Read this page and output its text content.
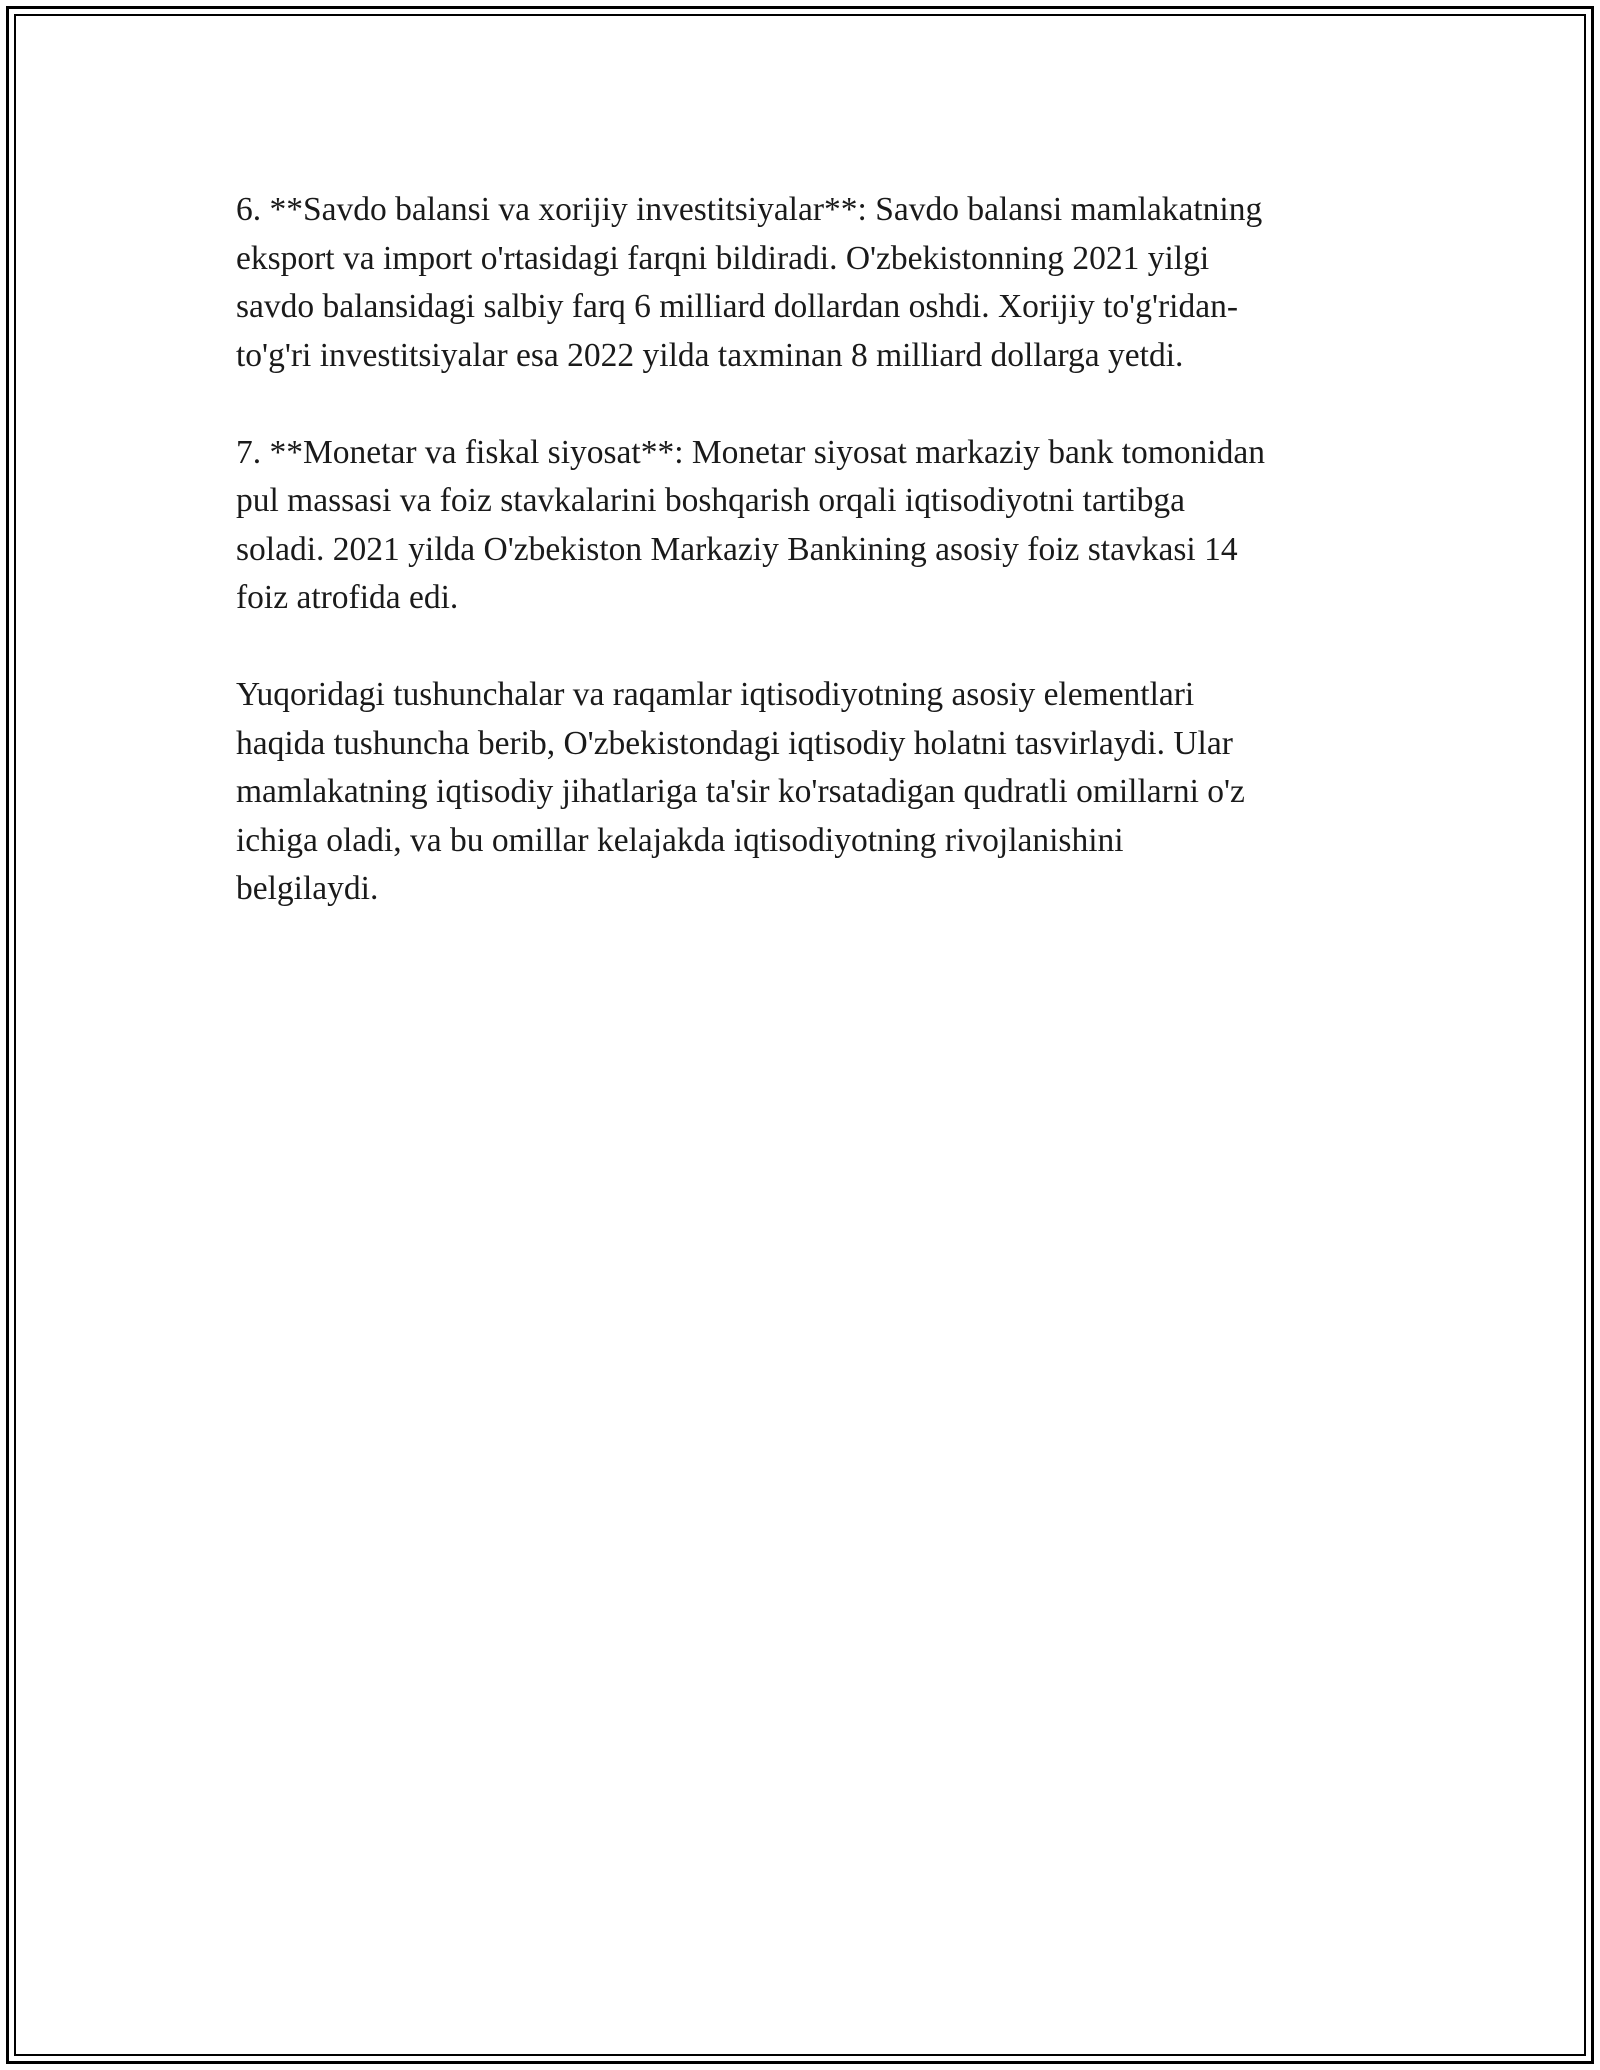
6. **Savdo balansi va xorijiy investitsiyalar**: Savdo balansi mamlakatning
eksport va import o'rtasidagi farqni bildiradi. O'zbekistonning 2021 yilgi
savdo balansidagi salbiy farq 6 milliard dollardan oshdi. Xorijiy to'g'ridan-
to'g'ri investitsiyalar esa 2022 yilda taxminan 8 milliard dollarga yetdi.

7. **Monetar va fiskal siyosat**: Monetar siyosat markaziy bank tomonidan
pul massasi va foiz stavkalarini boshqarish orqali iqtisodiyotni tartibga
soladi. 2021 yilda O'zbekiston Markaziy Bankining asosiy foiz stavkasi 14
foiz atrofida edi.

Yuqoridagi tushunchalar va raqamlar iqtisodiyotning asosiy elementlari
haqida tushuncha berib, O'zbekistondagi iqtisodiy holatni tasvirlaydi. Ular
mamlakatning iqtisodiy jihatlariga ta'sir ko'rsatadigan qudratli omillarni o'z
ichiga oladi, va bu omillar kelajakda iqtisodiyotning rivojlanishini
belgilaydi.
